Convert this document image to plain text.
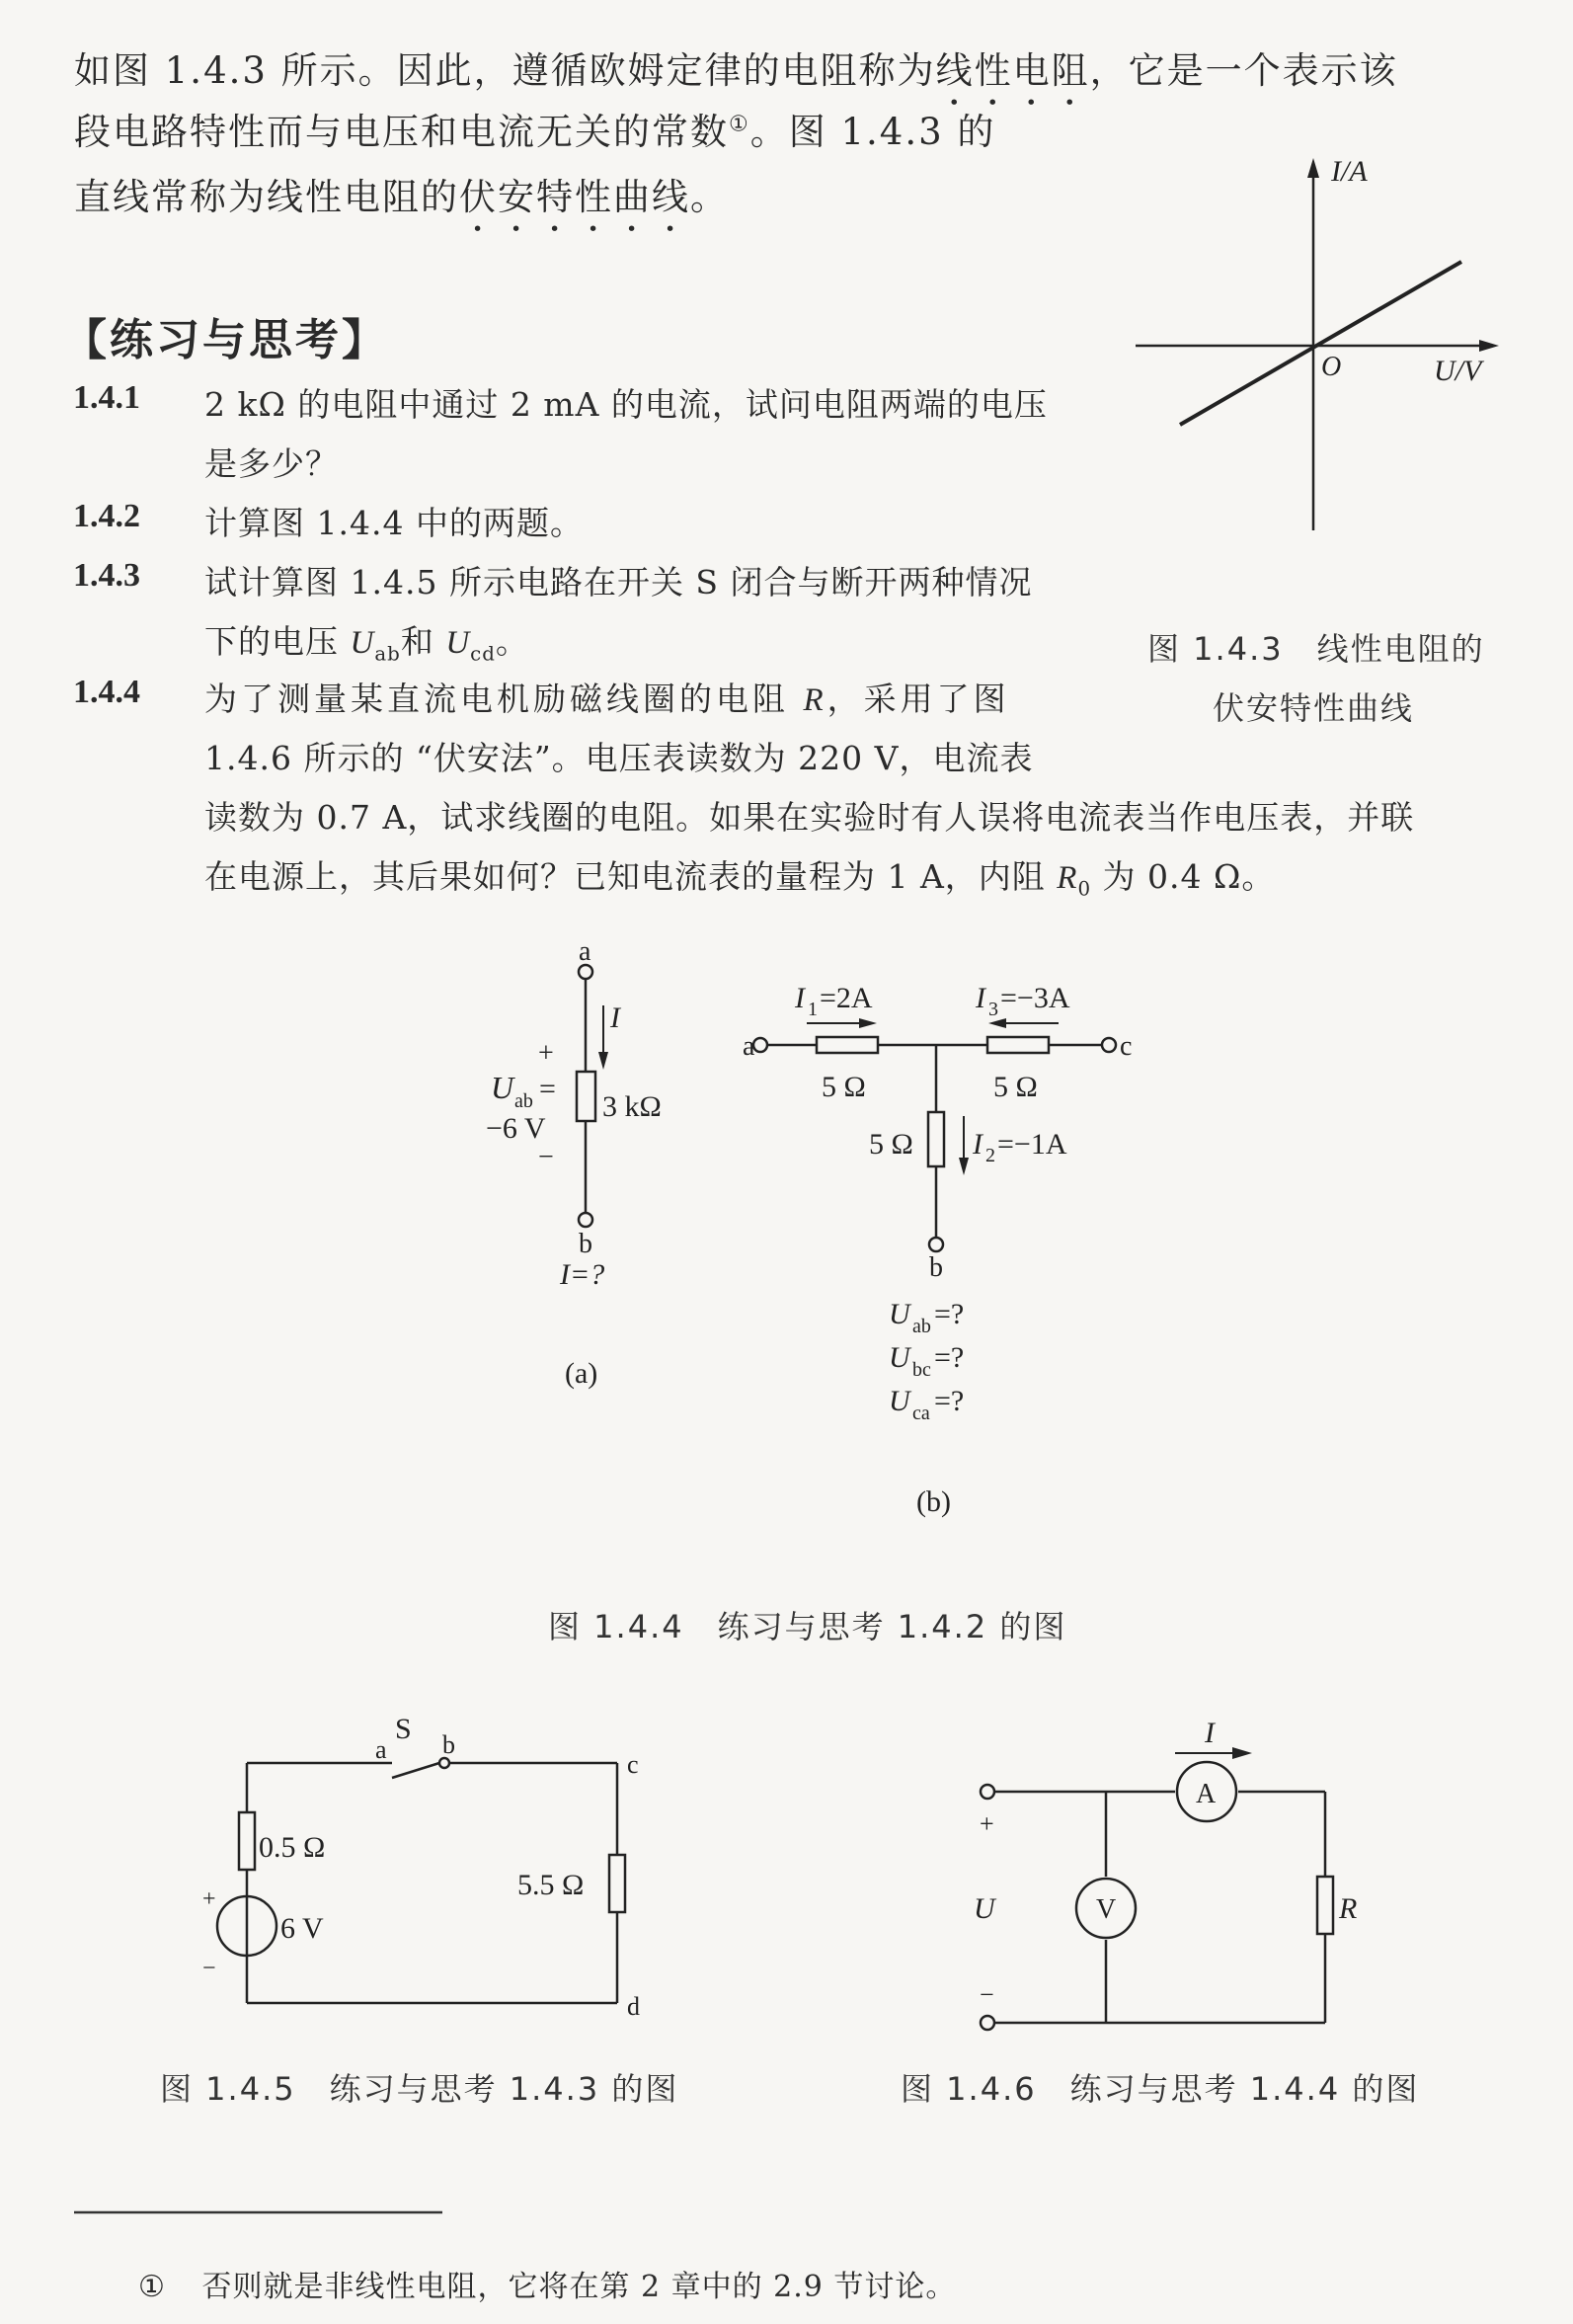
如图 1.4.3 所示。因此，遵循欧姆定律的电阻称为线性电阻，它是一个表示该
段电路特性而与电压和电流无关的常数①。图 1.4.3 的
直线常称为线性电阻的伏安特性曲线。
【练习与思考】
1.4.1 2 kΩ 的电阻中通过 2 mA 的电流，试问电阻两端的电压
是多少？
1.4.2 计算图 1.4.4 中的两题。
1.4.3 试计算图 1.4.5 所示电路在开关 S 闭合与断开两种情况
下的电压 $U_{ab}$和 $U_{cd}$。
1.4.4 为了测量某直流电机励磁线圈的电阻 R，采用了图
1.4.6 所示的 “伏安法”。电压表读数为 220 V，电流表
读数为 0.7 A，试求线圈的电阻。如果在实验时有人误将电流表当作电压表，并联
在电源上，其后果如何？已知电流表的量程为 1 A，内阻 $R_0$ 为 0.4 Ω。
I/A
O	U/V
a
I
+
U ab =
−6 V
−
3 kΩ
b
I=?
(a)
a	c
I 1 =2A	I 3 =−3A
5 Ω	5 Ω
5 Ω I 2 =−1A
b
U ab =?
U bc =?
U ca =?
(b)
a
S b
c
d
0.5 Ω
5.5 Ω
6 V
+
−
I
A
V	R
U
+
−
图 1.4.3　线性电阻的
伏安特性曲线
图 1.4.4　练习与思考 1.4.2 的图
图 1.4.5　练习与思考 1.4.3 的图	图 1.4.6　练习与思考 1.4.4 的图
① 否则就是非线性电阻，它将在第 2 章中的 2.9 节讨论。
